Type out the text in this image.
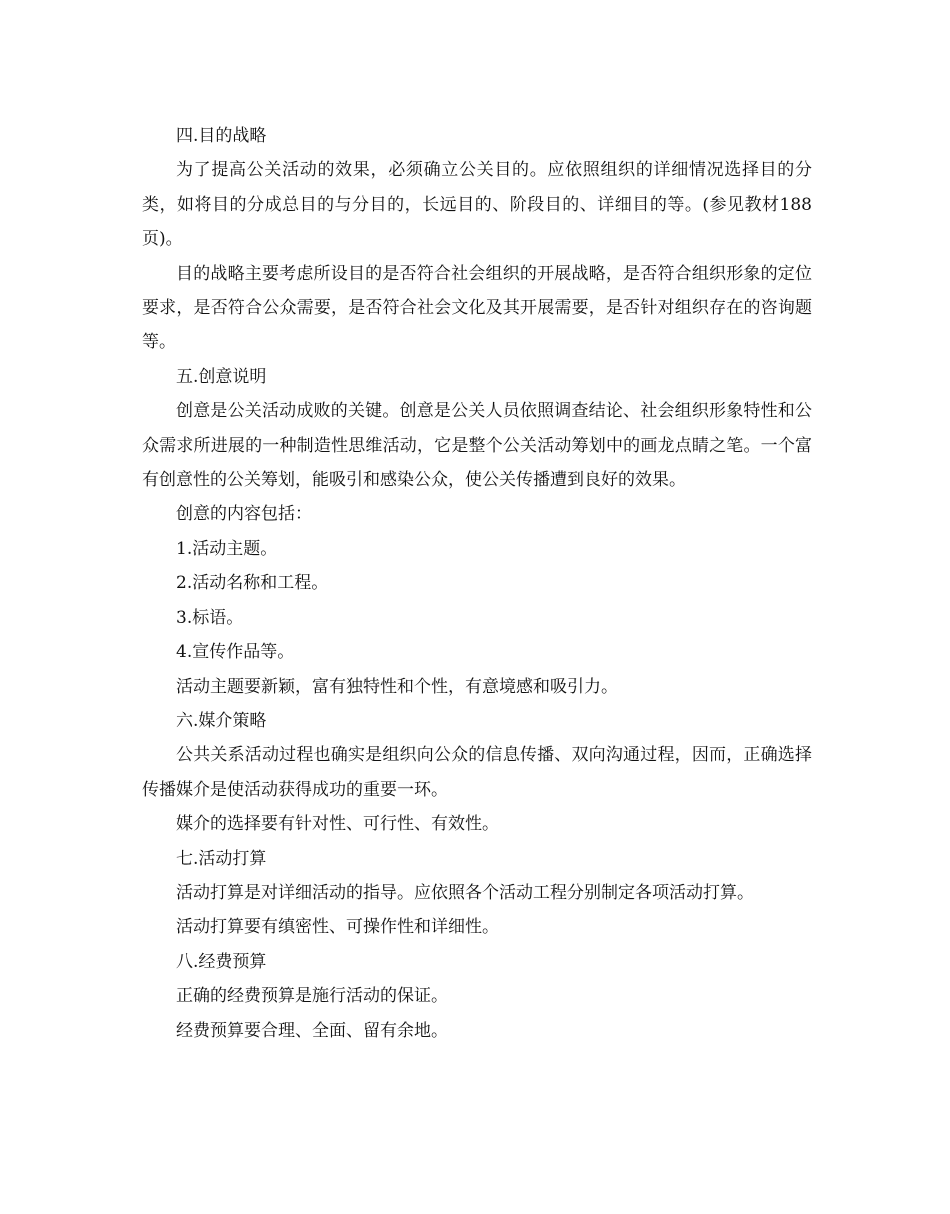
四.目的战略

为了提高公关活动的效果，必须确立公关目的。应依照组织的详细情况选择目的分类，如将目的分成总目的与分目的，长远目的、阶段目的、详细目的等。(参见教材188页)。

目的战略主要考虑所设目的是否符合社会组织的开展战略，是否符合组织形象的定位要求，是否符合公众需要，是否符合社会文化及其开展需要，是否针对组织存在的咨询题等。

五.创意说明

创意是公关活动成败的关键。创意是公关人员依照调查结论、社会组织形象特性和公众需求所进展的一种制造性思维活动，它是整个公关活动筹划中的画龙点睛之笔。一个富有创意性的公关筹划，能吸引和感染公众，使公关传播遭到良好的效果。

创意的内容包括：

1.活动主题。

2.活动名称和工程。

3.标语。

4.宣传作品等。

活动主题要新颖，富有独特性和个性，有意境感和吸引力。

六.媒介策略

公共关系活动过程也确实是组织向公众的信息传播、双向沟通过程，因而，正确选择传播媒介是使活动获得成功的重要一环。

媒介的选择要有针对性、可行性、有效性。

七.活动打算

活动打算是对详细活动的指导。应依照各个活动工程分别制定各项活动打算。

活动打算要有缜密性、可操作性和详细性。

八.经费预算

正确的经费预算是施行活动的保证。

经费预算要合理、全面、留有余地。
